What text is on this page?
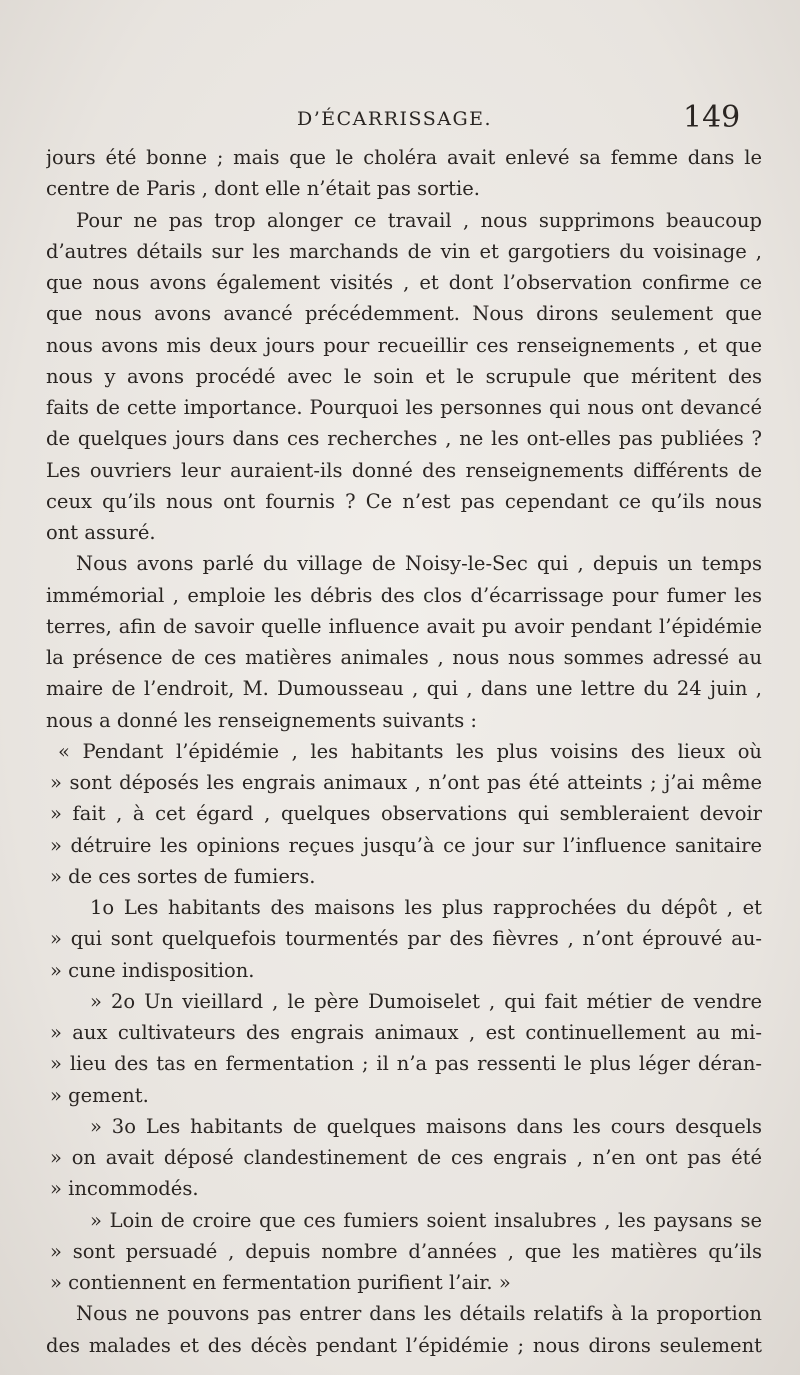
D’ÉCARRISSAGE.	149
jours été bonne ; mais que le choléra avait enlevé sa femme dans le
centre de Paris , dont elle n’était pas sortie.
Pour ne pas trop alonger ce travail , nous supprimons beaucoup
d’autres détails sur les marchands de vin et gargotiers du voisinage ,
que nous avons également visités , et dont l’observation confirme ce
que nous avons avancé précédemment. Nous dirons seulement que
nous avons mis deux jours pour recueillir ces renseignements , et que
nous y avons procédé avec le soin et le scrupule que méritent des
faits de cette importance. Pourquoi les personnes qui nous ont devancé
de quelques jours dans ces recherches , ne les ont-elles pas publiées ?
Les ouvriers leur auraient-ils donné des renseignements différents de
ceux qu’ils nous ont fournis ? Ce n’est pas cependant ce qu’ils nous
ont assuré.
Nous avons parlé du village de Noisy-le-Sec qui , depuis un temps
immémorial , emploie les débris des clos d’écarrissage pour fumer les
terres, afin de savoir quelle influence avait pu avoir pendant l’épidémie
la présence de ces matières animales , nous nous sommes adressé au
maire de l’endroit, M. Dumousseau , qui , dans une lettre du 24 juin ,
nous a donné les renseignements suivants :
« Pendant l’épidémie , les habitants les plus voisins des lieux où
» sont déposés les engrais animaux , n’ont pas été atteints ; j’ai même
» fait , à cet égard , quelques observations qui sembleraient devoir
» détruire les opinions reçues jusqu’à ce jour sur l’influence sanitaire
» de ces sortes de fumiers.
1o Les habitants des maisons les plus rapprochées du dépôt , et
» qui sont quelquefois tourmentés par des fièvres , n’ont éprouvé au-
» cune indisposition.
» 2o Un vieillard , le père Dumoiselet , qui fait métier de vendre
» aux cultivateurs des engrais animaux , est continuellement au mi-
» lieu des tas en fermentation ; il n’a pas ressenti le plus léger déran-
» gement.
» 3o Les habitants de quelques maisons dans les cours desquels
» on avait déposé clandestinement de ces engrais , n’en ont pas été
» incommodés.
» Loin de croire que ces fumiers soient insalubres , les paysans se
» sont persuadé , depuis nombre d’années , que les matières qu’ils
» contiennent en fermentation purifient l’air. »
Nous ne pouvons pas entrer dans les détails relatifs à la proportion
des malades et des décès pendant l’épidémie ; nous dirons seulement
